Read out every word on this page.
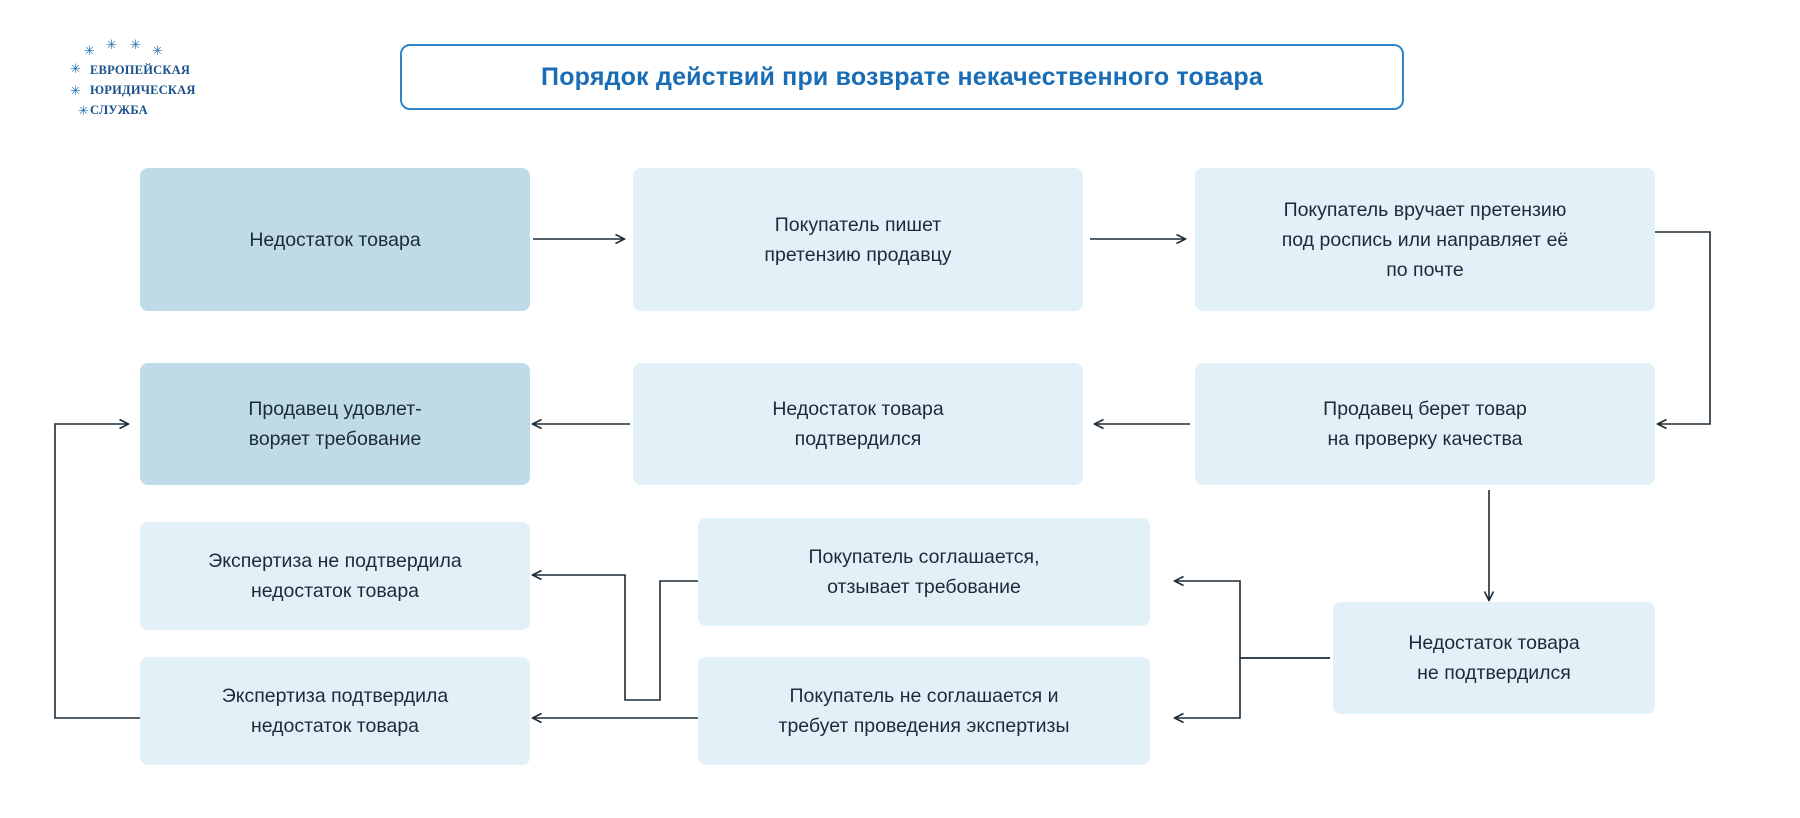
✳ ✳ ✳ ✳
✳
✳
✳
ЕВРОПЕЙСКАЯ
ЮРИДИЧЕСКАЯ
СЛУЖБА
Порядок действий при возврате некачественного товара
Недостаток товара
Покупатель пишет
претензию продавцу
Покупатель вручает претензию
под роспись или направляет её
по почте
Продавец удовлет-
воряет требование
Недостаток товара
подтвердился
Продавец берет товар
на проверку качества
Экспертиза не подтвердила
недостаток товара
Покупатель соглашается,
отзывает требование
Недостаток товара
не подтвердился
Экспертиза подтвердила
недостаток товара
Покупатель не соглашается и
требует проведения экспертизы
